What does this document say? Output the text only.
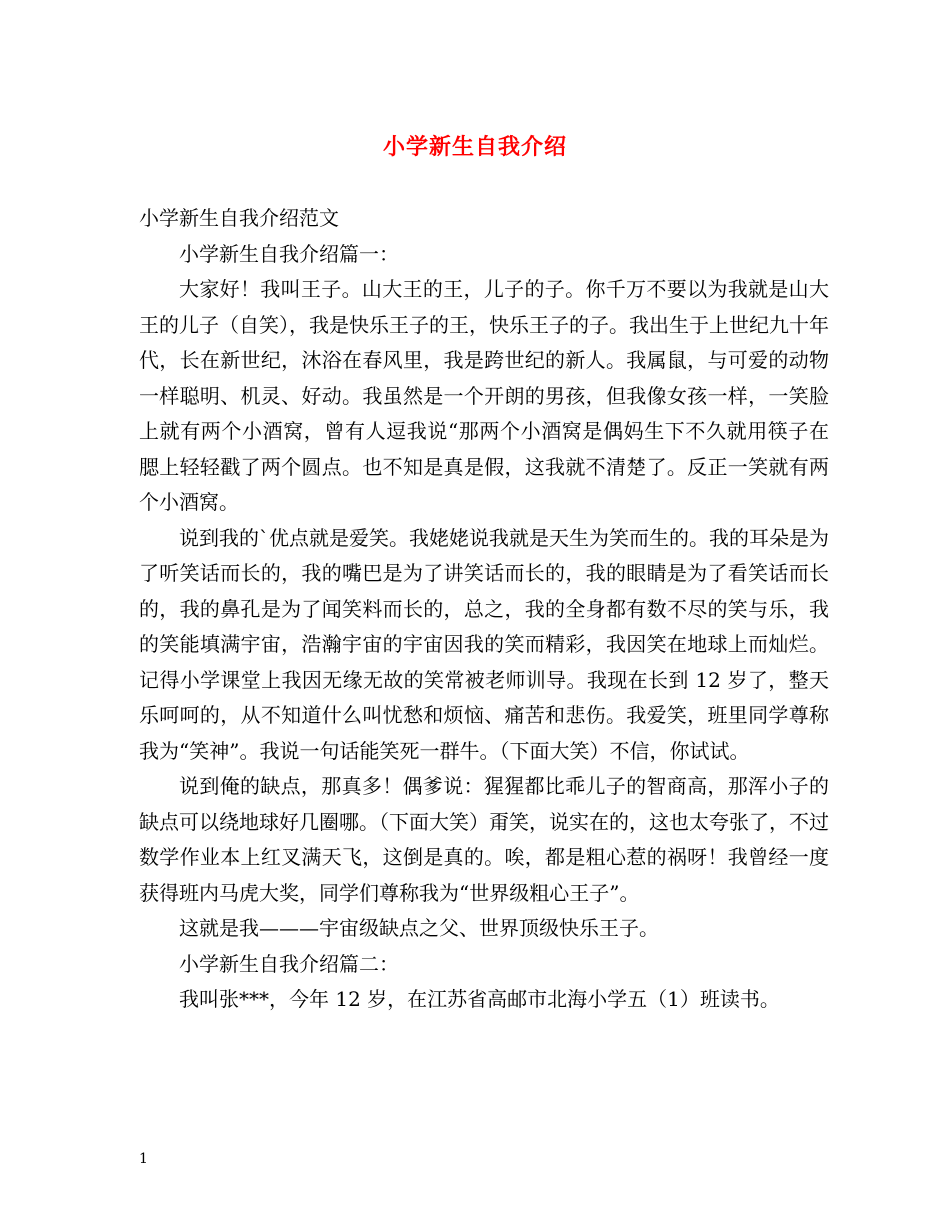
小学新生自我介绍

小学新生自我介绍范文

小学新生自我介绍篇一：

大家好！我叫王子。山大王的王，儿子的子。你千万不要以为我就是山大王的儿子（自笑），我是快乐王子的王，快乐王子的子。我出生于上世纪九十年代，长在新世纪，沐浴在春风里，我是跨世纪的新人。我属鼠，与可爱的动物一样聪明、机灵、好动。我虽然是一个开朗的男孩，但我像女孩一样，一笑脸上就有两个小酒窝，曾有人逗我说“那两个小酒窝是偶妈生下不久就用筷子在腮上轻轻戳了两个圆点。也不知是真是假，这我就不清楚了。反正一笑就有两个小酒窝。

说到我的`优点就是爱笑。我姥姥说我就是天生为笑而生的。我的耳朵是为了听笑话而长的，我的嘴巴是为了讲笑话而长的，我的眼睛是为了看笑话而长的，我的鼻孔是为了闻笑料而长的，总之，我的全身都有数不尽的笑与乐，我的笑能填满宇宙，浩瀚宇宙的宇宙因我的笑而精彩，我因笑在地球上而灿烂。记得小学课堂上我因无缘无故的笑常被老师训导。我现在长到 12 岁了，整天乐呵呵的，从不知道什么叫忧愁和烦恼、痛苦和悲伤。我爱笑，班里同学尊称我为“笑神”。我说一句话能笑死一群牛。（下面大笑）不信，你试试。

说到俺的缺点，那真多！偶爹说：猩猩都比乖儿子的智商高，那浑小子的缺点可以绕地球好几圈哪。（下面大笑）甭笑，说实在的，这也太夸张了，不过数学作业本上红叉满天飞，这倒是真的。唉，都是粗心惹的祸呀！我曾经一度获得班内马虎大奖，同学们尊称我为“世界级粗心王子”。

这就是我———宇宙级缺点之父、世界顶级快乐王子。

小学新生自我介绍篇二：

我叫张***，今年 12 岁，在江苏省高邮市北海小学五（1）班读书。

1
